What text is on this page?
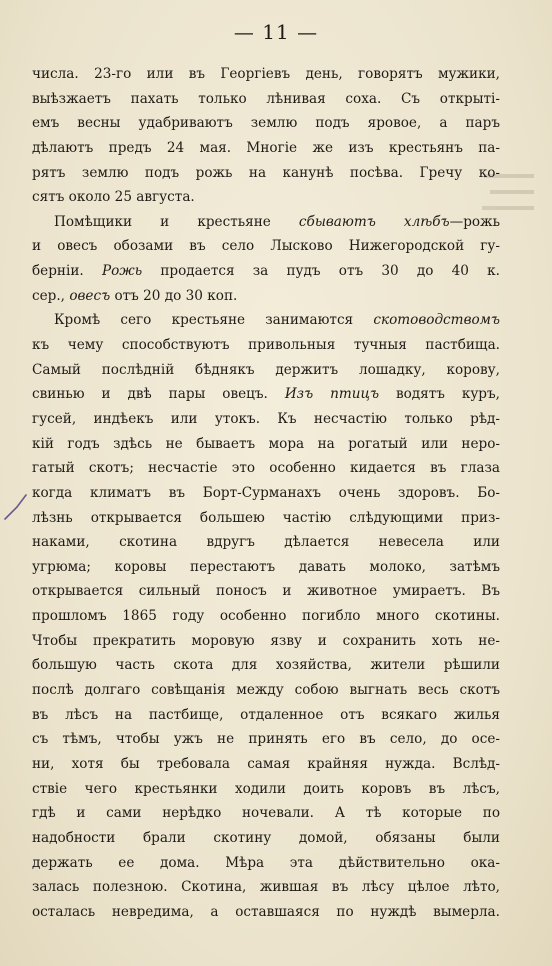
— 11 —
числа. 23-го или въ Георгіевъ день, говорятъ мужики,
выѣзжаетъ пахать только лѣнивая соха. Съ открыті-
емъ весны удабриваютъ землю подъ яровое, а паръ
дѣлаютъ предъ 24 мая. Многіе же изъ крестьянъ па-
рятъ землю подъ рожь на канунѣ посѣва. Гречу ко-
сятъ около 25 августа.
Помѣщики и крестьяне сбываютъ хлѣбъ—рожь
и овесъ обозами въ село Лысково Нижегородской гу-
берніи. Рожь продается за пудъ отъ 30 до 40 к.
сер., овесъ отъ 20 до 30 коп.
Кромѣ сего крестьяне занимаются скотоводствомъ
къ чему способствуютъ привольныя тучныя пастбища.
Самый послѣдній бѣднякъ держитъ лошадку, корову,
свинью и двѣ пары овецъ. Изъ птицъ водятъ куръ,
гусей, индѣекъ или утокъ. Къ несчастію только рѣд-
кій годъ здѣсь не бываетъ мора на рогатый или неро-
гатый скотъ; несчастіе это особенно кидается въ глаза
когда климатъ въ Борт-Сурманахъ очень здоровъ. Бо-
лѣзнь открывается большею частію слѣдующими приз-
наками, скотина вдругъ дѣлается невесела или
угрюма; коровы перестаютъ давать молоко, затѣмъ
открывается сильный поносъ и животное умираетъ. Въ
прошломъ 1865 году особенно погибло много скотины.
Чтобы прекратить моровую язву и сохранить хоть не-
большую часть скота для хозяйства, жители рѣшили
послѣ долгаго совѣщанія между собою выгнать весь скотъ
въ лѣсъ на пастбище, отдаленное отъ всякаго жилья
съ тѣмъ, чтобы ужъ не принять его въ село, до осе-
ни, хотя бы требовала самая крайняя нужда. Вслѣд-
ствіе чего крестьянки ходили доить коровъ въ лѣсъ,
гдѣ и сами нерѣдко ночевали. А тѣ которые по
надобности брали скотину домой, обязаны были
держать ее дома. Мѣра эта дѣйствительно ока-
залась полезною. Скотина, жившая въ лѣсу цѣлое лѣто,
осталась невредима, а оставшаяся по нуждѣ вымерла.
